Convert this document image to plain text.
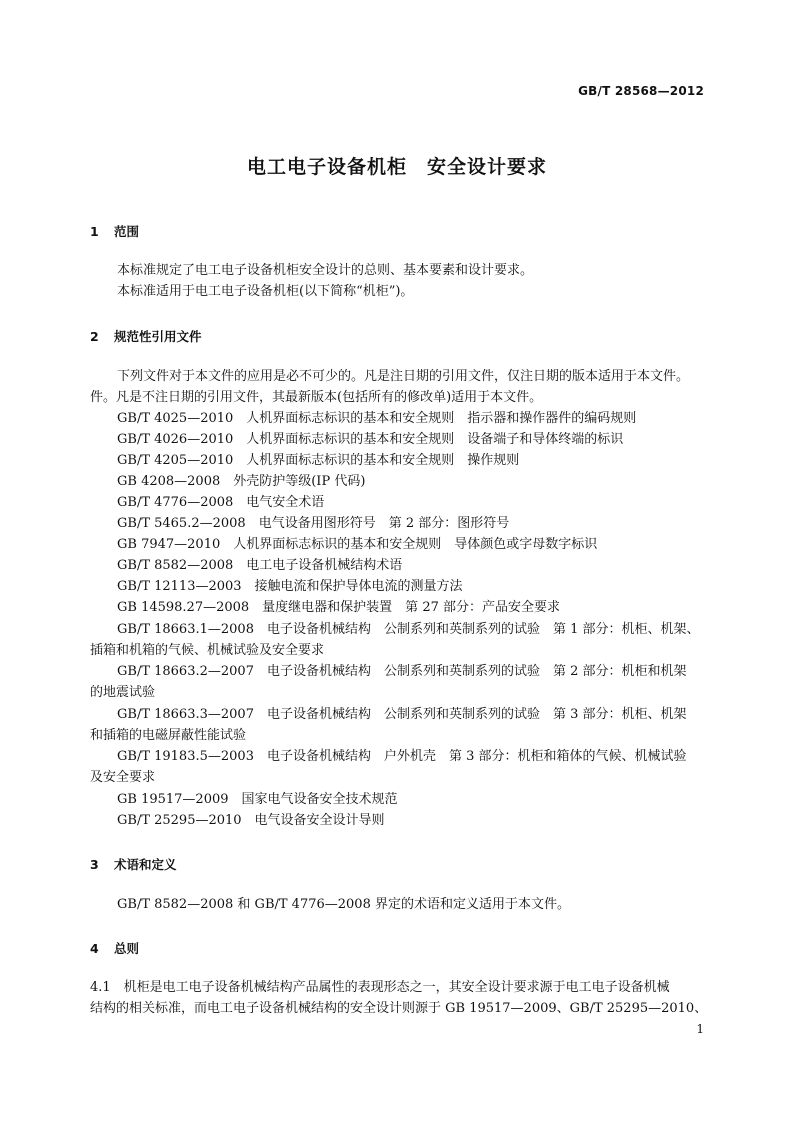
GB/T 28568—2012
电工电子设备机柜　安全设计要求
1 范围
本标准规定了电工电子设备机柜安全设计的总则、基本要素和设计要求。
本标准适用于电工电子设备机柜(以下简称“机柜”)。
2 规范性引用文件
下列文件对于本文件的应用是必不可少的。凡是注日期的引用文件，仅注日期的版本适用于本文件。
件。凡是不注日期的引用文件，其最新版本(包括所有的修改单)适用于本文件。
GB/T 4025—2010　人机界面标志标识的基本和安全规则　指示器和操作器件的编码规则
GB/T 4026—2010　人机界面标志标识的基本和安全规则　设备端子和导体终端的标识
GB/T 4205—2010　人机界面标志标识的基本和安全规则　操作规则
GB 4208—2008　外壳防护等级(IP 代码)
GB/T 4776—2008　电气安全术语
GB/T 5465.2—2008　电气设备用图形符号　第 2 部分：图形符号
GB 7947—2010　人机界面标志标识的基本和安全规则　导体颜色或字母数字标识
GB/T 8582—2008　电工电子设备机械结构术语
GB/T 12113—2003　接触电流和保护导体电流的测量方法
GB 14598.27—2008　量度继电器和保护装置　第 27 部分：产品安全要求
GB/T 18663.1—2008　电子设备机械结构　公制系列和英制系列的试验　第 1 部分：机柜、机架、
插箱和机箱的气候、机械试验及安全要求
GB/T 18663.2—2007　电子设备机械结构　公制系列和英制系列的试验　第 2 部分：机柜和机架
的地震试验
GB/T 18663.3—2007　电子设备机械结构　公制系列和英制系列的试验　第 3 部分：机柜、机架
和插箱的电磁屏蔽性能试验
GB/T 19183.5—2003　电子设备机械结构　户外机壳　第 3 部分：机柜和箱体的气候、机械试验
及安全要求
GB 19517—2009　国家电气设备安全技术规范
GB/T 25295—2010　电气设备安全设计导则
3 术语和定义
GB/T 8582—2008 和 GB/T 4776—2008 界定的术语和定义适用于本文件。
4 总则
4.1　机柜是电工电子设备机械结构产品属性的表现形态之一，其安全设计要求源于电工电子设备机械
结构的相关标准，而电工电子设备机械结构的安全设计则源于 GB 19517—2009、GB/T 25295—2010、
1
